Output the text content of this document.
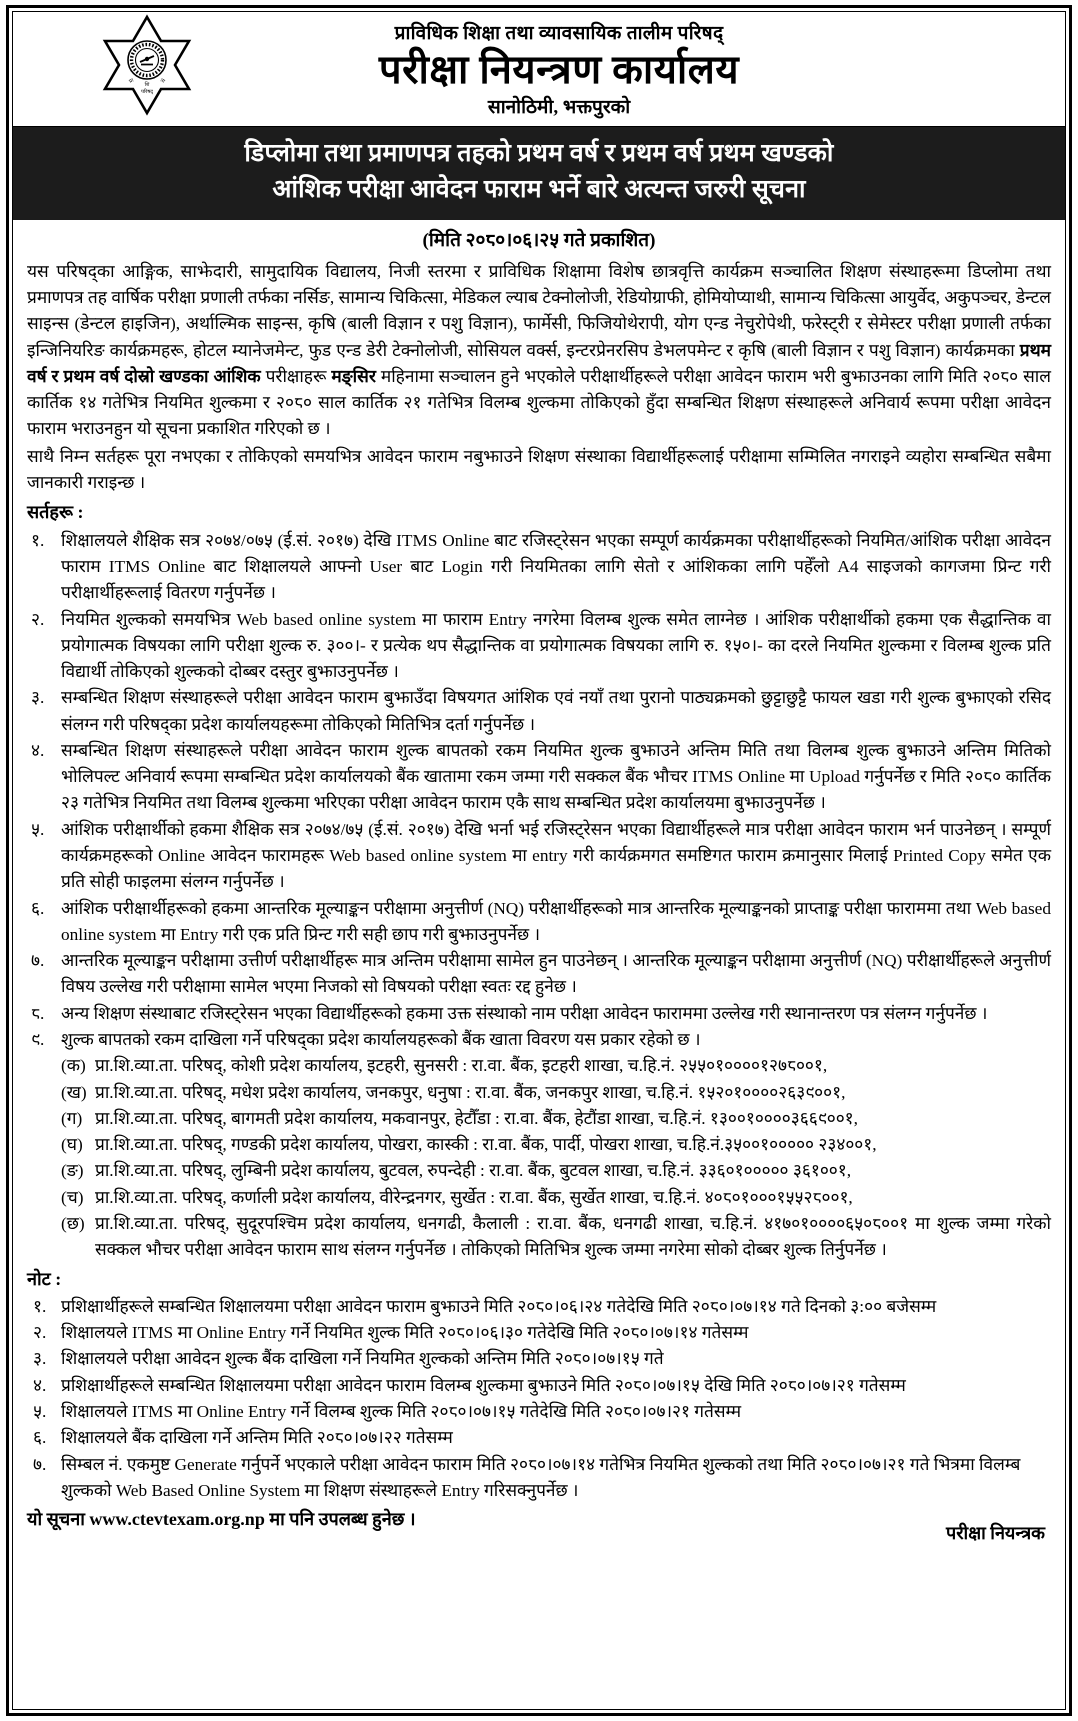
प्रा
शि
ता
परिषद्
प्राविधिक शिक्षा तथा व्यावसायिक तालीम परिषद्
परीक्षा नियन्त्रण कार्यालय
सानोठिमी, भक्तपुरको
डिप्लोमा तथा प्रमाणपत्र तहको प्रथम वर्ष र प्रथम वर्ष प्रथम खण्डको
आंशिक परीक्षा आवेदन फाराम भर्ने बारे अत्यन्त जरुरी सूचना
(मिति २०८०।०६।२५ गते प्रकाशित)

यस परिषद्का आङ्गिक, साझेदारी, सामुदायिक विद्यालय, निजी स्तरमा र प्राविधिक शिक्षामा विशेष छात्रवृत्ति कार्यक्रम सञ्चालित शिक्षण संस्थाहरूमा डिप्लोमा तथा प्रमाणपत्र तह वार्षिक परीक्षा प्रणाली तर्फका नर्सिङ, सामान्य चिकित्सा, मेडिकल ल्याब टेक्नोलोजी, रेडियोग्राफी, होमियोप्याथी, सामान्य चिकित्सा आयुर्वेद, अकुपञ्चर, डेन्टल साइन्स (डेन्टल हाइजिन), अर्थाल्मिक साइन्स, कृषि (बाली विज्ञान र पशु विज्ञान), फार्मेसी, फिजियोथेरापी, योग एन्ड नेचुरोपेथी, फरेस्ट्री र सेमेस्टर परीक्षा प्रणाली तर्फका इन्जिनियरिङ कार्यक्रमहरू, होटल म्यानेजमेन्ट, फुड एन्ड डेरी टेक्नोलोजी, सोसियल वर्क्स, इन्टरप्रेनरसिप डेभलपमेन्ट र कृषि (बाली विज्ञान र पशु विज्ञान) कार्यक्रमका प्रथम वर्ष र प्रथम वर्ष दोस्रो खण्डका आंशिक परीक्षाहरू मङ्सिर महिनामा सञ्चालन हुने भएकोले परीक्षार्थीहरूले परीक्षा आवेदन फाराम भरी बुझाउनका लागि मिति २०८० साल कार्तिक १४ गतेभित्र नियमित शुल्कमा र २०८० साल कार्तिक २१ गतेभित्र विलम्ब शुल्कमा तोकिएको हुँदा सम्बन्धित शिक्षण संस्थाहरूले अनिवार्य रूपमा परीक्षा आवेदन फाराम भराउनहुन यो सूचना प्रकाशित गरिएको छ ।

साथै निम्न सर्तहरू पूरा नभएका र तोकिएको समयभित्र आवेदन फाराम नबुझाउने शिक्षण संस्थाका विद्यार्थीहरूलाई परीक्षामा सम्मिलित नगराइने व्यहोरा सम्बन्धित सबैमा जानकारी गराइन्छ ।

सर्तहरू :
१. शिक्षालयले शैक्षिक सत्र २०७४/०७५ (ई.सं. २०१७) देखि ITMS Online बाट रजिस्ट्रेसन भएका सम्पूर्ण कार्यक्रमका परीक्षार्थीहरूको नियमित/आंशिक परीक्षा आवेदन फाराम ITMS Online बाट शिक्षालयले आफ्नो User बाट Login गरी नियमितका लागि सेतो र आंशिकका लागि पहेँलो A4 साइजको कागजमा प्रिन्ट गरी परीक्षार्थीहरूलाई वितरण गर्नुपर्नेछ ।
२. नियमित शुल्कको समयभित्र Web based online system मा फाराम Entry नगरेमा विलम्ब शुल्क समेत लाग्नेछ । आंशिक परीक्षार्थीको हकमा एक सैद्धान्तिक वा प्रयोगात्मक विषयका लागि परीक्षा शुल्क रु. ३००।- र प्रत्येक थप सैद्धान्तिक वा प्रयोगात्मक विषयका लागि रु. १५०।- का दरले नियमित शुल्कमा र विलम्ब शुल्क प्रति विद्यार्थी तोकिएको शुल्कको दोब्बर दस्तुर बुझाउनुपर्नेछ ।
३. सम्बन्धित शिक्षण संस्थाहरूले परीक्षा आवेदन फाराम बुझाउँदा विषयगत आंशिक एवं नयाँ तथा पुरानो पाठ्यक्रमको छुट्टाछुट्टै फायल खडा गरी शुल्क बुझाएको रसिद संलग्न गरी परिषद्का प्रदेश कार्यालयहरूमा तोकिएको मितिभित्र दर्ता गर्नुपर्नेछ ।
४. सम्बन्धित शिक्षण संस्थाहरूले परीक्षा आवेदन फाराम शुल्क बापतको रकम नियमित शुल्क बुझाउने अन्तिम मिति तथा विलम्ब शुल्क बुझाउने अन्तिम मितिको भोलिपल्ट अनिवार्य रूपमा सम्बन्धित प्रदेश कार्यालयको बैंक खातामा रकम जम्मा गरी सक्कल बैंक भौचर ITMS Online मा Upload गर्नुपर्नेछ र मिति २०८० कार्तिक २३ गतेभित्र नियमित तथा विलम्ब शुल्कमा भरिएका परीक्षा आवेदन फाराम एकै साथ सम्बन्धित प्रदेश कार्यालयमा बुझाउनुपर्नेछ ।
५. आंशिक परीक्षार्थीको हकमा शैक्षिक सत्र २०७४/७५ (ई.सं. २०१७) देखि भर्ना भई रजिस्ट्रेसन भएका विद्यार्थीहरूले मात्र परीक्षा आवेदन फाराम भर्न पाउनेछन् । सम्पूर्ण कार्यक्रमहरूको Online आवेदन फारामहरू Web based online system मा entry गरी कार्यक्रमगत समष्टिगत फाराम क्रमानुसार मिलाई Printed Copy समेत एक प्रति सोही फाइलमा संलग्न गर्नुपर्नेछ ।
६. आंशिक परीक्षार्थीहरूको हकमा आन्तरिक मूल्याङ्कन परीक्षामा अनुत्तीर्ण (NQ) परीक्षार्थीहरूको मात्र आन्तरिक मूल्याङ्कनको प्राप्ताङ्क परीक्षा फाराममा तथा Web based online system मा Entry गरी एक प्रति प्रिन्ट गरी सही छाप गरी बुझाउनुपर्नेछ ।
७. आन्तरिक मूल्याङ्कन परीक्षामा उत्तीर्ण परीक्षार्थीहरू मात्र अन्तिम परीक्षामा सामेल हुन पाउनेछन् । आन्तरिक मूल्याङ्कन परीक्षामा अनुत्तीर्ण (NQ) परीक्षार्थीहरूले अनुत्तीर्ण विषय उल्लेख गरी परीक्षामा सामेल भएमा निजको सो विषयको परीक्षा स्वतः रद्द हुनेछ ।
८. अन्य शिक्षण संस्थाबाट रजिस्ट्रेसन भएका विद्यार्थीहरूको हकमा उक्त संस्थाको नाम परीक्षा आवेदन फाराममा उल्लेख गरी स्थानान्तरण पत्र संलग्न गर्नुपर्नेछ ।
९. शुल्क बापतको रकम दाखिला गर्ने परिषद्का प्रदेश कार्यालयहरूको बैंक खाता विवरण यस प्रकार रहेको छ ।
(क) प्रा.शि.व्या.ता. परिषद्, कोशी प्रदेश कार्यालय, इटहरी, सुनसरी : रा.वा. बैंक, इटहरी शाखा, च.हि.नं. २५५०१००००१२७८००१,
(ख) प्रा.शि.व्या.ता. परिषद्, मधेश प्रदेश कार्यालय, जनकपुर, धनुषा : रा.वा. बैंक, जनकपुर शाखा, च.हि.नं. १५२०१००००२६३९००१,
(ग) प्रा.शि.व्या.ता. परिषद्, बागमती प्रदेश कार्यालय, मकवानपुर, हेटौँडा : रा.वा. बैंक, हेटौंडा शाखा, च.हि.नं. १३००१००००३६६९००१,
(घ) प्रा.शि.व्या.ता. परिषद्, गण्डकी प्रदेश कार्यालय, पोखरा, कास्की : रा.वा. बैंक, पार्दी, पोखरा शाखा, च.हि.नं.३५००१००००० २३४००१,
(ङ) प्रा.शि.व्या.ता. परिषद्, लुम्बिनी प्रदेश कार्यालय, बुटवल, रुपन्देही : रा.वा. बैंक, बुटवल शाखा, च.हि.नं. ३३६०१००००० ३६१००१,
(च) प्रा.शि.व्या.ता. परिषद्, कर्णाली प्रदेश कार्यालय, वीरेन्द्रनगर, सुर्खेत : रा.वा. बैंक, सुर्खेत शाखा, च.हि.नं. ४०८०१०००१५५२८००१,
(छ) प्रा.शि.व्या.ता. परिषद्, सुदूरपश्चिम प्रदेश कार्यालय, धनगढी, कैलाली : रा.वा. बैंक, धनगढी शाखा, च.हि.नं. ४१७०१००००६५०८००१ मा शुल्क जम्मा गरेको सक्कल भौचर परीक्षा आवेदन फाराम साथ संलग्न गर्नुपर्नेछ । तोकिएको मितिभित्र शुल्क जम्मा नगरेमा सोको दोब्बर शुल्क तिर्नुपर्नेछ ।
नोट :
१. प्रशिक्षार्थीहरूले सम्बन्धित शिक्षालयमा परीक्षा आवेदन फाराम बुझाउने मिति २०८०।०६।२४ गतेदेखि मिति २०८०।०७।१४ गते दिनको ३:०० बजेसम्म
२. शिक्षालयले ITMS मा Online Entry गर्ने नियमित शुल्क मिति २०८०।०६।३० गतेदेखि मिति २०८०।०७।१४ गतेसम्म
३. शिक्षालयले परीक्षा आवेदन शुल्क बैंक दाखिला गर्ने नियमित शुल्कको अन्तिम मिति २०८०।०७।१५ गते
४. प्रशिक्षार्थीहरूले सम्बन्धित शिक्षालयमा परीक्षा आवेदन फाराम विलम्ब शुल्कमा बुझाउने मिति २०८०।०७।१५ देखि मिति २०८०।०७।२१ गतेसम्म
५. शिक्षालयले ITMS मा Online Entry गर्ने विलम्ब शुल्क मिति २०८०।०७।१५ गतेदेखि मिति २०८०।०७।२१ गतेसम्म
६. शिक्षालयले बैंक दाखिला गर्ने अन्तिम मिति २०८०।०७।२२ गतेसम्म
७. सिम्बल नं. एकमुष्ट Generate गर्नुपर्ने भएकाले परीक्षा आवेदन फाराम मिति २०८०।०७।१४ गतेभित्र नियमित शुल्कको तथा मिति २०८०।०७।२१ गते भित्रमा विलम्ब शुल्कको Web Based Online System मा शिक्षण संस्थाहरूले Entry गरिसक्नुपर्नेछ ।
यो सूचना www.ctevtexam.org.np मा पनि उपलब्ध हुनेछ ।
परीक्षा नियन्त्रक
